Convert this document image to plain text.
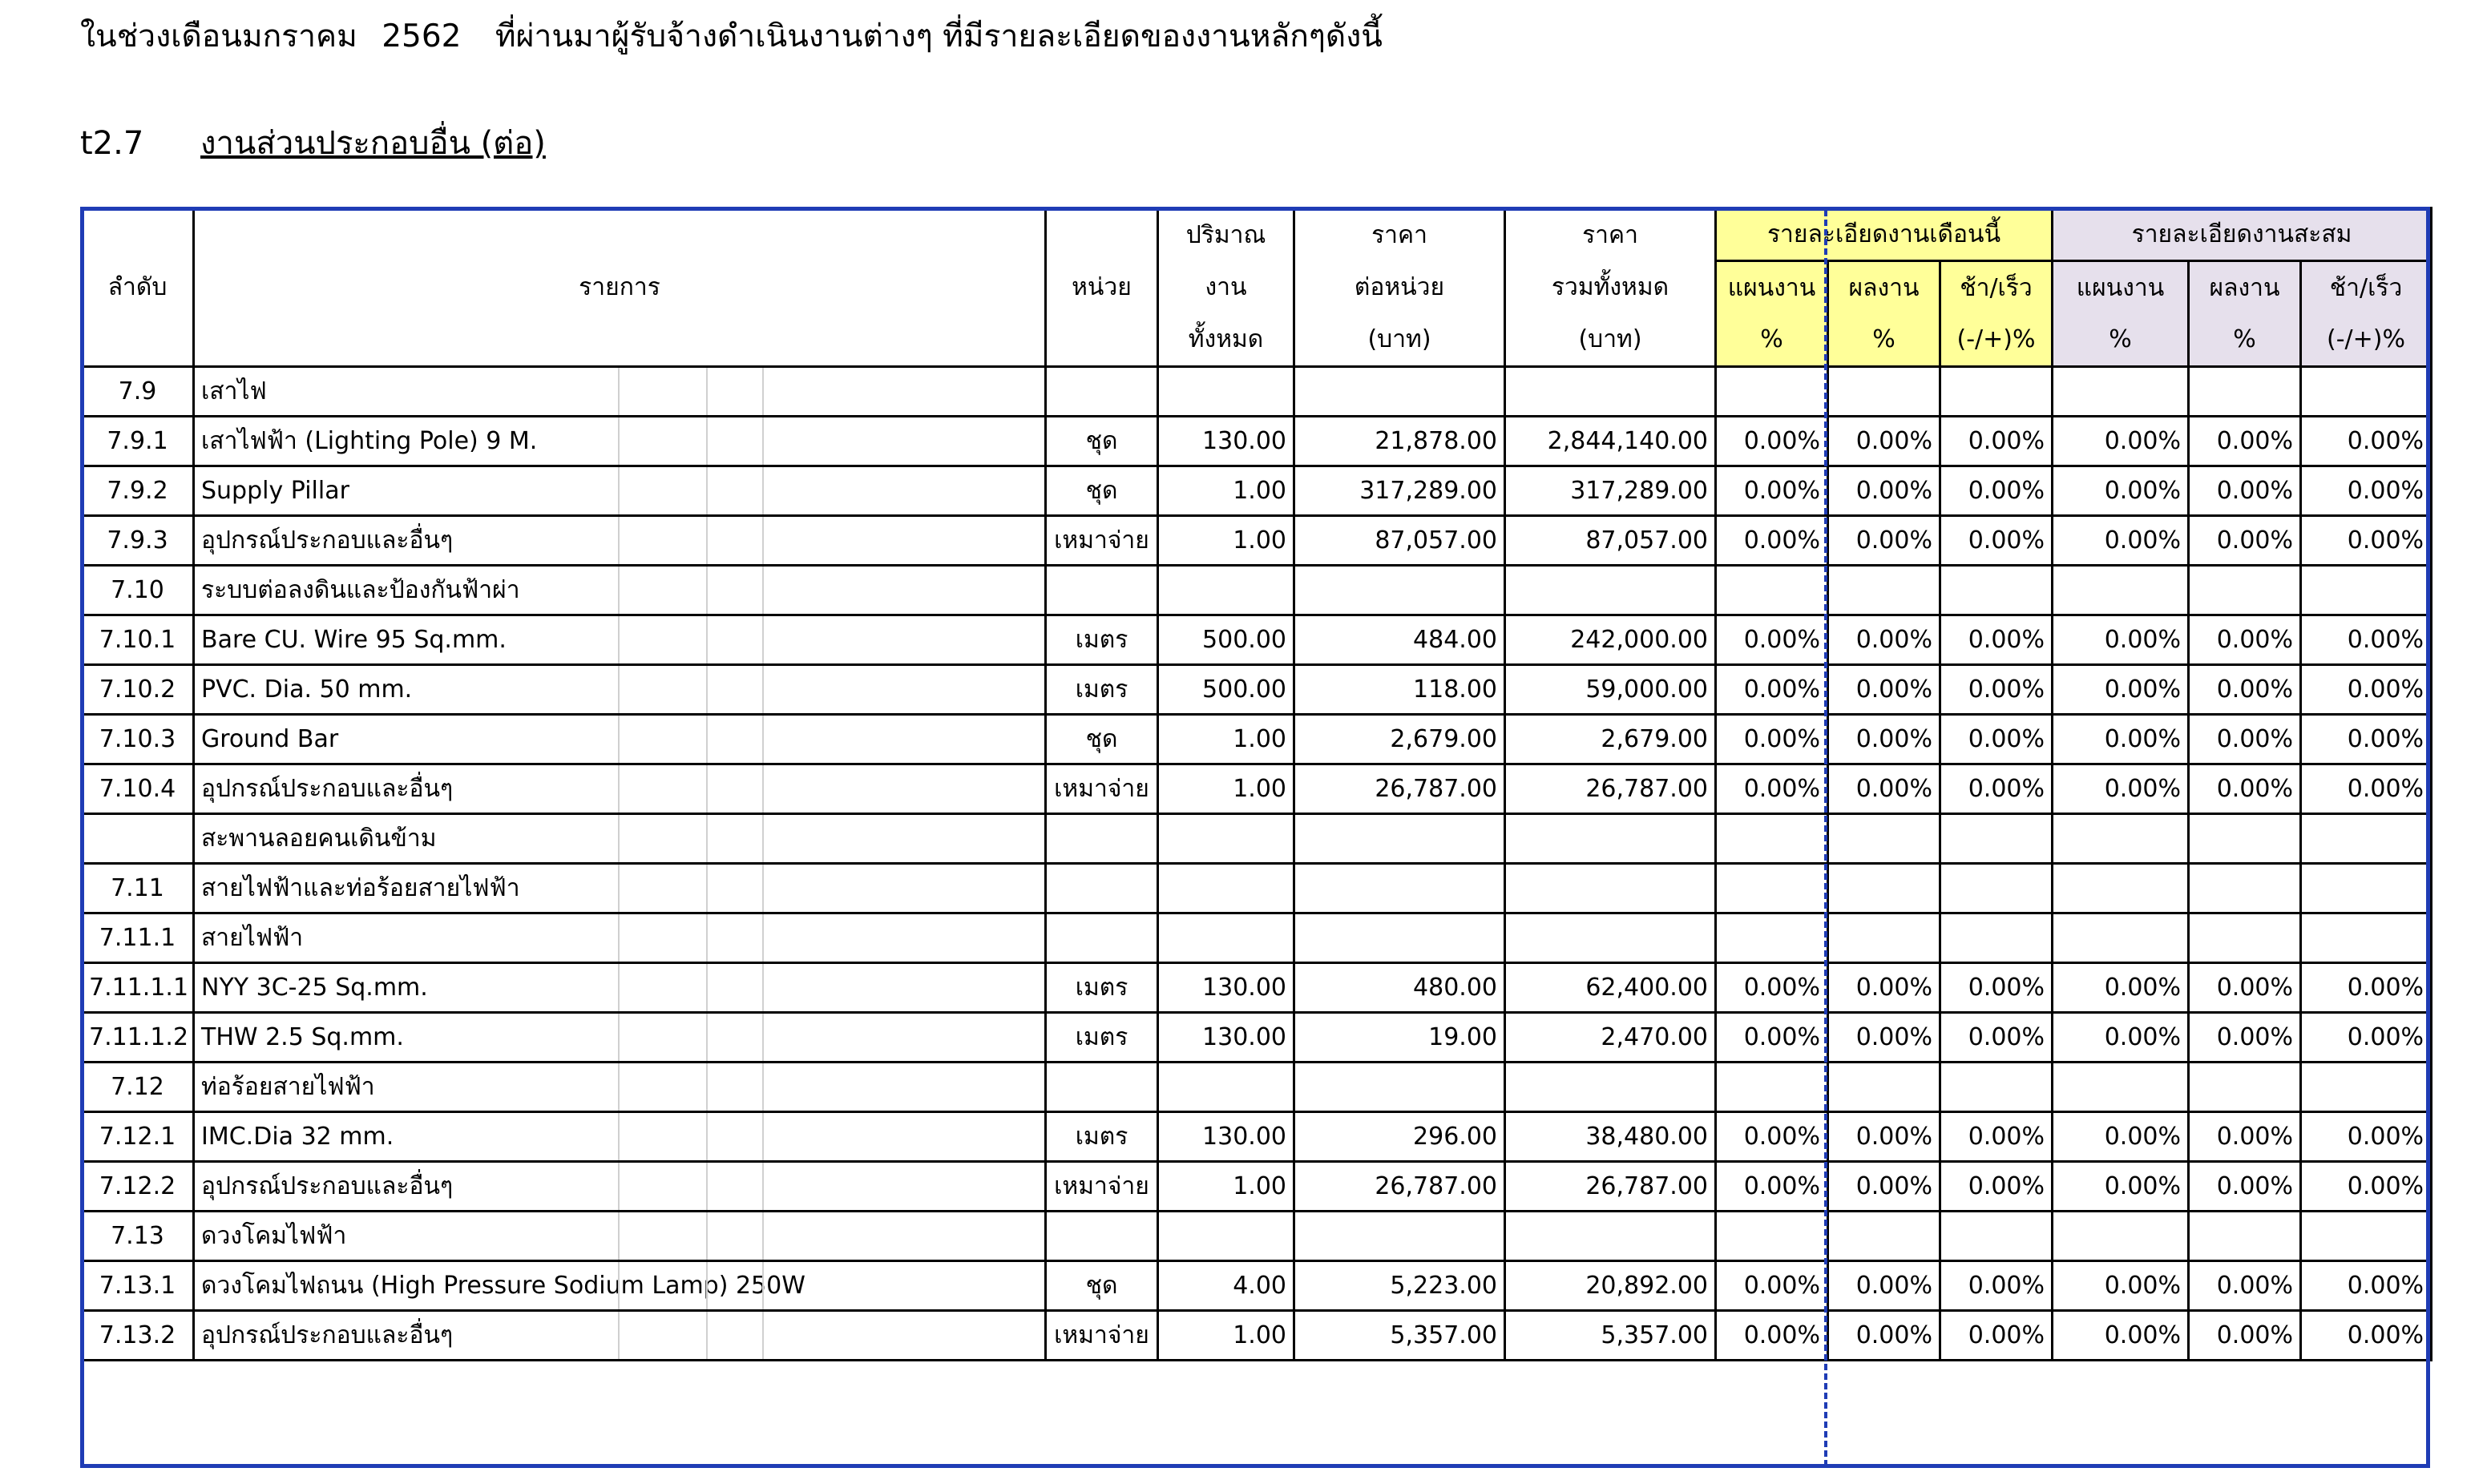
ในช่วงเดือนมกราคม 2562 ที่ผ่านมาผู้รับจ้างดำเนินงานต่างๆ ที่มีรายละเอียดของงานหลักๆดังนี้
t2.7 งานส่วนประกอบอื่น (ต่อ)
ลำดับ	รายการ	หน่วย	ปริมาณ	ราคา	ราคา	รายละเอียดงานเดือนนี้			รายละเอียดงานสะสม		
			งาน	ต่อหน่วย	รวมทั้งหมด	แผนงาน	ผลงาน	ช้า/เร็ว	แผนงาน	ผลงาน	ช้า/เร็ว
			ทั้งหมด	(บาท)	(บาท)	%	%	(-/+)%	%	%	(-/+)%
7.9	เสาไฟ

7.9.1	เสาไฟฟ้า (Lighting Pole) 9 M.	ชุด	130.00	21,878.00	2,844,140.00	0.00%	0.00%	0.00%	0.00%	0.00%	0.00%
7.9.2	Supply Pillar	ชุด	1.00	317,289.00	317,289.00	0.00%	0.00%	0.00%	0.00%	0.00%	0.00%
7.9.3	อุปกรณ์ประกอบและอื่นๆ	เหมาจ่าย	1.00	87,057.00	87,057.00	0.00%	0.00%	0.00%	0.00%	0.00%	0.00%
7.10	ระบบต่อลงดินและป้องกันฟ้าผ่า

7.10.1	Bare CU. Wire 95 Sq.mm.	เมตร	500.00	484.00	242,000.00	0.00%	0.00%	0.00%	0.00%	0.00%	0.00%
7.10.2	PVC. Dia. 50 mm.	เมตร	500.00	118.00	59,000.00	0.00%	0.00%	0.00%	0.00%	0.00%	0.00%
7.10.3	Ground Bar	ชุด	1.00	2,679.00	2,679.00	0.00%	0.00%	0.00%	0.00%	0.00%	0.00%
7.10.4	อุปกรณ์ประกอบและอื่นๆ	เหมาจ่าย	1.00	26,787.00	26,787.00	0.00%	0.00%	0.00%	0.00%	0.00%	0.00%
	สะพานลอยคนเดินข้าม

7.11	สายไฟฟ้าและท่อร้อยสายไฟฟ้า

7.11.1	สายไฟฟ้า

7.11.1.1	NYY 3C-25 Sq.mm.	เมตร	130.00	480.00	62,400.00	0.00%	0.00%	0.00%	0.00%	0.00%	0.00%
7.11.1.2	THW 2.5 Sq.mm.	เมตร	130.00	19.00	2,470.00	0.00%	0.00%	0.00%	0.00%	0.00%	0.00%
7.12	ท่อร้อยสายไฟฟ้า

7.12.1	IMC.Dia 32 mm.	เมตร	130.00	296.00	38,480.00	0.00%	0.00%	0.00%	0.00%	0.00%	0.00%
7.12.2	อุปกรณ์ประกอบและอื่นๆ	เหมาจ่าย	1.00	26,787.00	26,787.00	0.00%	0.00%	0.00%	0.00%	0.00%	0.00%
7.13	ดวงโคมไฟฟ้า

7.13.1	ดวงโคมไฟถนน (High Pressure Sodium Lamp) 250W	ชุด	4.00	5,223.00	20,892.00	0.00%	0.00%	0.00%	0.00%	0.00%	0.00%
7.13.2	อุปกรณ์ประกอบและอื่นๆ	เหมาจ่าย	1.00	5,357.00	5,357.00	0.00%	0.00%	0.00%	0.00%	0.00%	0.00%
